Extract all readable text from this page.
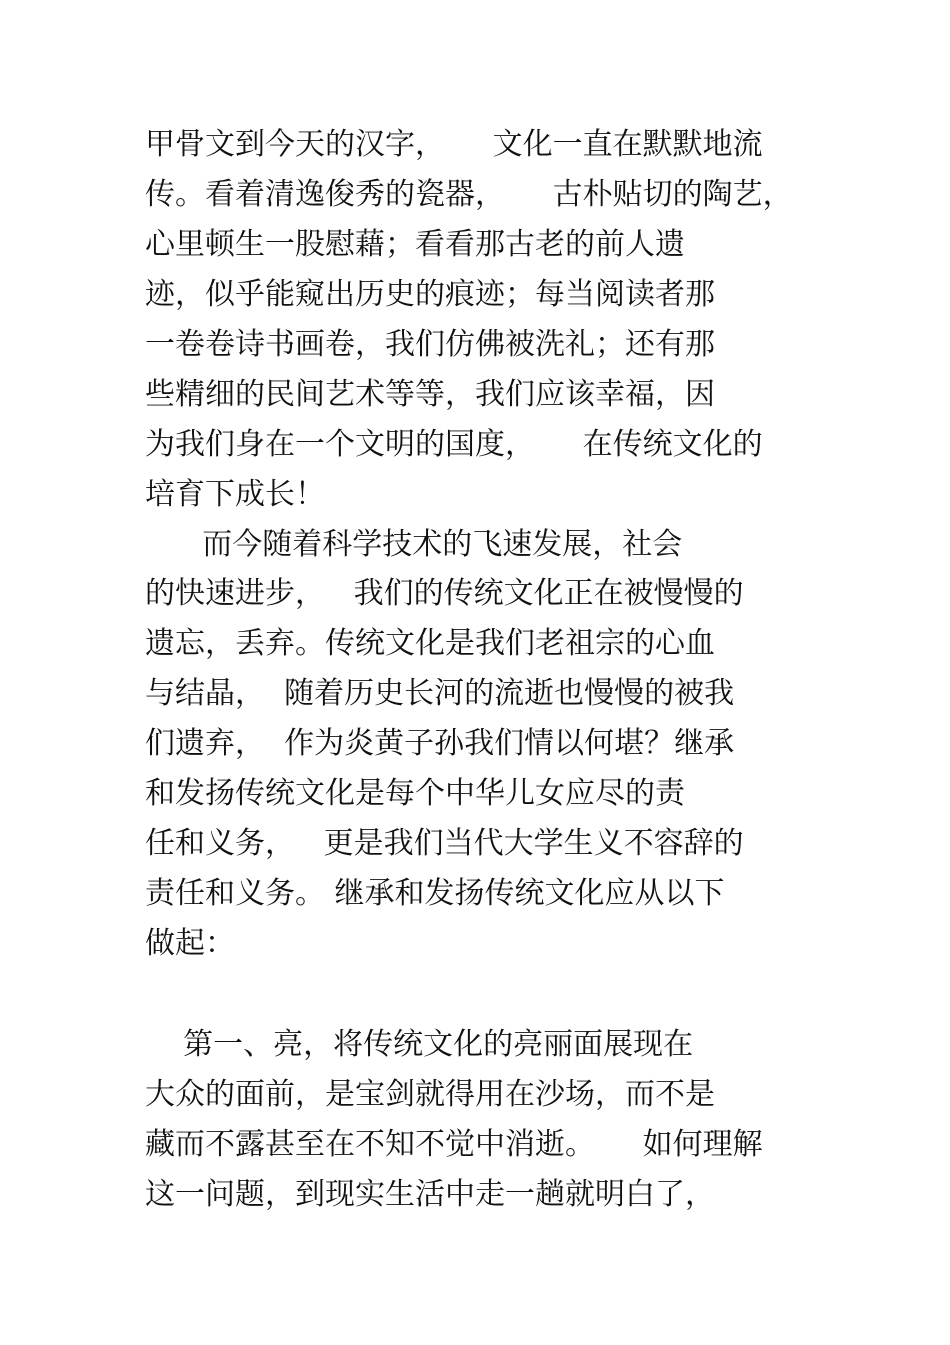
甲骨文到今天的汉字，     文化一直在默默地流
传。看着清逸俊秀的瓷器，     古朴贴切的陶艺，
心里顿生一股慰藉；看看那古老的前人遗
迹，似乎能窥出历史的痕迹；每当阅读者那
一卷卷诗书画卷，我们仿佛被洗礼；还有那
些精细的民间艺术等等，我们应该幸福，因
为我们身在一个文明的国度，     在传统文化的
培育下成长！
而今随着科学技术的飞速发展，社会
的快速进步，   我们的传统文化正在被慢慢的
遗忘，丢弃。传统文化是我们老祖宗的心血
与结晶，  随着历史长河的流逝也慢慢的被我
们遗弃，  作为炎黄子孙我们情以何堪？继承
和发扬传统文化是每个中华儿女应尽的责
任和义务，   更是我们当代大学生义不容辞的
责任和义务。 继承和发扬传统文化应从以下
做起：
第一、亮，将传统文化的亮丽面展现在
大众的面前，是宝剑就得用在沙场，而不是
藏而不露甚至在不知不觉中消逝。     如何理解
这一问题，到现实生活中走一趟就明白了，
